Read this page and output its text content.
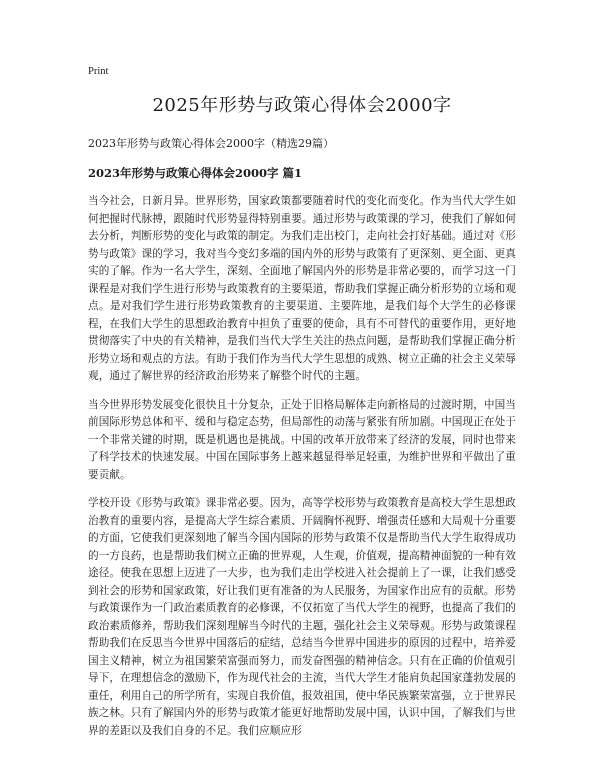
Print
2025年形势与政策心得体会2000字

2023年形势与政策心得体会2000字（精选29篇）

2023年形势与政策心得体会2000字 篇1

当今社会，日新月异。世界形势，国家政策都要随着时代的变化而变化。作为当代大学生如何把握时代脉搏，跟随时代形势显得特别重要。通过形势与政策课的学习，使我们了解如何去分析，判断形势的变化与政策的制定。为我们走出校门，走向社会打好基础。通过对《形势与政策》课的学习，我对当今变幻多端的国内外的形势与政策有了更深刻、更全面、更真实的了解。作为一名大学生，深刻、全面地了解国内外的形势是非常必要的，而学习这一门课程是对我们学生进行形势与政策教育的主要渠道，帮助我们掌握正确分析形势的立场和观点。是对我们学生进行形势政策教育的主要渠道、主要阵地，是我们每个大学生的必修课程，在我们大学生的思想政治教育中担负了重要的使命，具有不可替代的重要作用，更好地贯彻落实了中央的有关精神，是我们当代大学生关注的热点问题，是帮助我们掌握正确分析形势立场和观点的方法。有助于我们作为当代大学生思想的成熟、树立正确的社会主义荣辱观，通过了解世界的经济政治形势来了解整个时代的主题。

当今世界形势发展变化很快且十分复杂，正处于旧格局解体走向新格局的过渡时期，中国当前国际形势总体和平、缓和与稳定态势，但局部性的动荡与紧张有所加剧。中国现正在处于一个非常关键的时期，既是机遇也是挑战。中国的改革开放带来了经济的发展，同时也带来了科学技术的快速发展。中国在国际事务上越来越显得举足轻重，为维护世界和平做出了重要贡献。

学校开设《形势与政策》课非常必要。因为，高等学校形势与政策教育是高校大学生思想政治教育的重要内容，是提高大学生综合素质、开阔胸怀视野、增强责任感和大局观十分重要的方面，它使我们更深刻地了解当今国内国际的形势与政策不仅是帮助当代大学生取得成功的一方良药，也是帮助我们树立正确的世界观，人生观，价值观，提高精神面貌的一种有效途径。使我在思想上迈进了一大步，也为我们走出学校进入社会提前上了一课，让我们感受到社会的形势和国家政策，好让我们更有准备的为人民服务，为国家作出应有的贡献。形势与政策课作为一门政治素质教育的必修课，不仅拓宽了当代大学生的视野，也提高了我们的政治素质修养，帮助我们深刻理解当今时代的主题，强化社会主义荣辱观。形势与政策课程帮助我们在反思当今世界中国落后的症结，总结当今世界中国进步的原因的过程中，培养爱国主义精神，树立为祖国繁荣富强而努力，而发奋图强的精神信念。只有在正确的价值观引导下，在理想信念的激励下，作为现代社会的主流，当代大学生才能肩负起国家蓬勃发展的重任，利用自己的所学所有，实现自我价值，报效祖国，使中华民族繁荣富强，立于世界民族之林。只有了解国内外的形势与政策才能更好地帮助发展中国，认识中国，了解我们与世界的差距以及我们自身的不足。我们应顺应形
